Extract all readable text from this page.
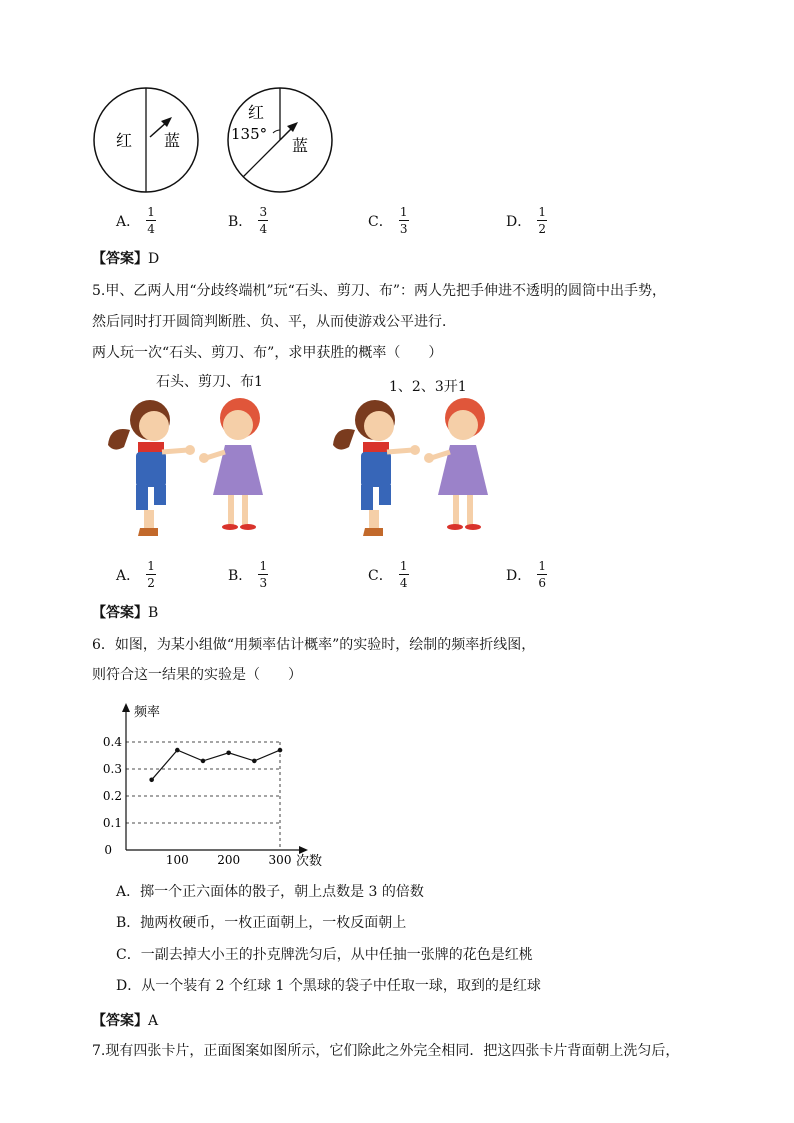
红 蓝
红
135°
蓝
A． $\frac{1}{4}$	B． $\frac{3}{4}$	C． $\frac{1}{3}$	D． $\frac{1}{2}$
【答案】D
5.甲、乙两人用“分歧终端机”玩“石头、剪刀、布”：两人先把手伸进不透明的圆筒中出手势，
然后同时打开圆筒判断胜、负、平，从而使游戏公平进行．
两人玩一次“石头、剪刀、布”，求甲获胜的概率（　　）
石头、剪刀、布1	1、2、3开1
A． $\frac{1}{2}$	B． $\frac{1}{3}$	C． $\frac{1}{4}$	D． $\frac{1}{6}$
【答案】B
6．如图，为某小组做“用频率估计概率”的实验时，绘制的频率折线图，
则符合这一结果的实验是（　　）
频率
次数
0
0.1
0.2
0.3
0.4
100 200 300
A．掷一个正六面体的骰子，朝上点数是 3 的倍数
B．抛两枚硬币，一枚正面朝上，一枚反面朝上
C．一副去掉大小王的扑克牌洗匀后，从中任抽一张牌的花色是红桃
D．从一个装有 2 个红球 1 个黑球的袋子中任取一球，取到的是红球
【答案】A
7.现有四张卡片，正面图案如图所示，它们除此之外完全相同．把这四张卡片背面朝上洗匀后，
